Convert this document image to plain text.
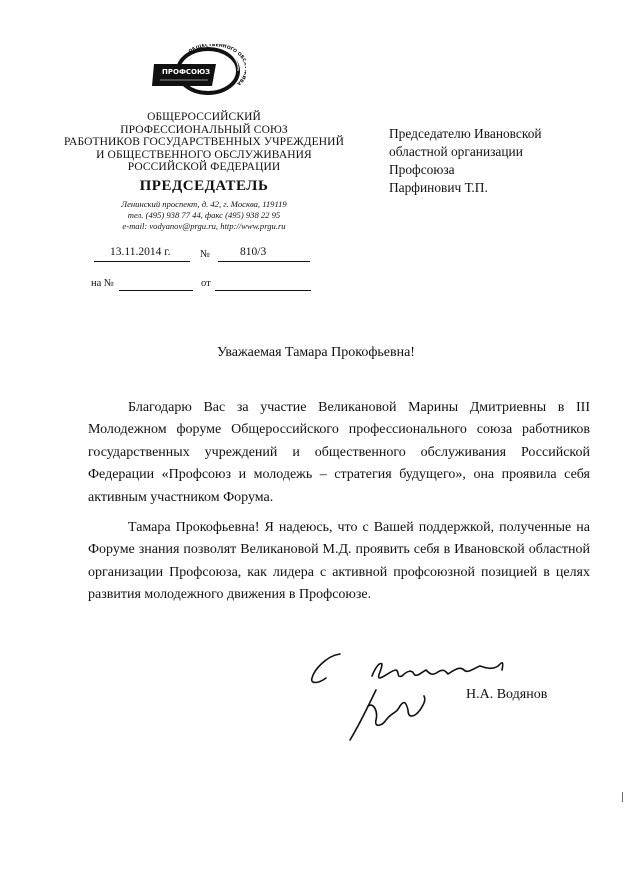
ПРОФСОЮЗ
ОБЩЕСТВЕННОГО ОБС ИВА
ОБЩЕРОССИЙСКИЙ
ПРОФЕССИОНАЛЬНЫЙ СОЮЗ
РАБОТНИКОВ ГОСУДАРСТВЕННЫХ УЧРЕЖДЕНИЙ
И ОБЩЕСТВЕННОГО ОБСЛУЖИВАНИЯ
РОССИЙСКОЙ ФЕДЕРАЦИИ
ПРЕДСЕДАТЕЛЬ
Ленинский проспект, д. 42, г. Москва, 119119
тел. (495) 938 77 44, факс (495) 938 22 95
e-mail: vodyanov@prgu.ru, http://www.prgu.ru
13.11.2014 г.	№	810/3
на №	от
Председателю Ивановской
областной организации
Профсоюза
Парфинович Т.П.
Уважаемая Тамара Прокофьевна!

Благодарю Вас за участие Великановой Марины Дмитриевны в III Молодежном форуме Общероссийского профессионального союза работников государственных учреждений и общественного обслуживания Российской Федерации «Профсоюз и молодежь – стратегия будущего», она проявила себя активным участником Форума.

Тамара Прокофьевна! Я надеюсь, что с Вашей поддержкой, полученные на Форуме знания позволят Великановой М.Д. проявить себя в Ивановской областной организации Профсоюза, как лидера с активной профсоюзной позицией в целях развития молодежного движения в Профсоюзе.

Н.А. Водянов
